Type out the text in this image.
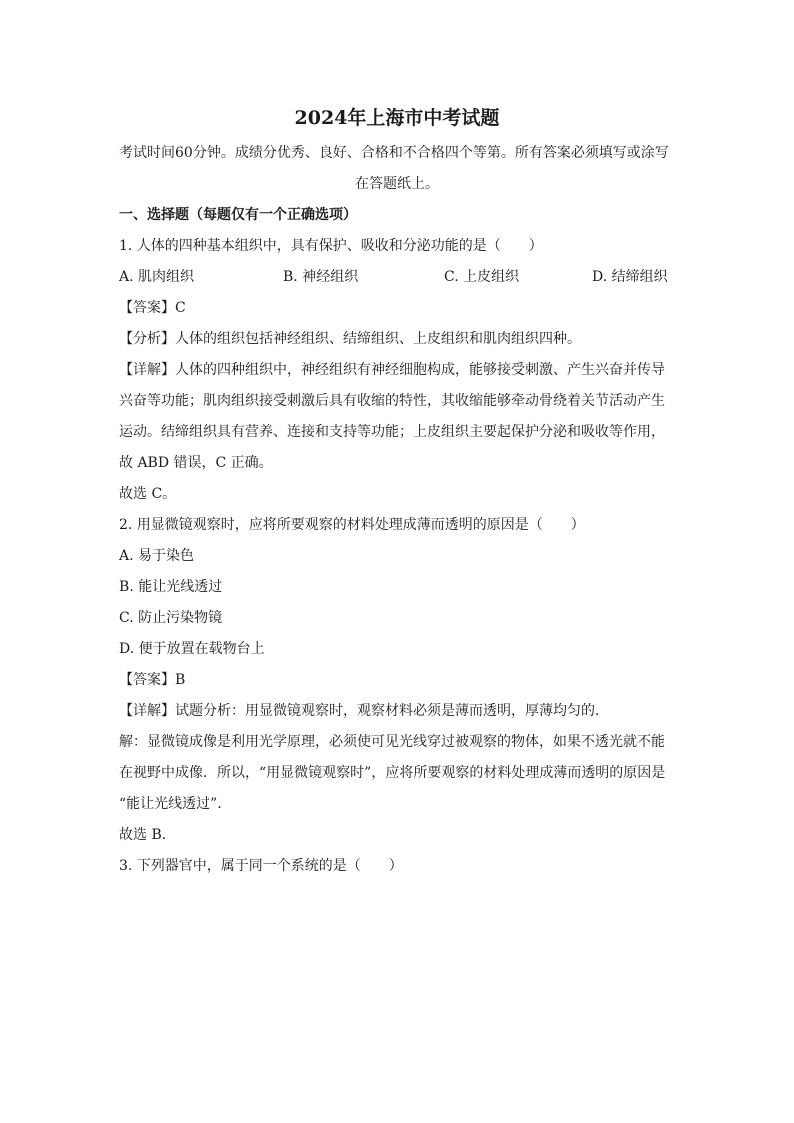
2024年上海市中考试题
考试时间60分钟。成绩分优秀、良好、合格和不合格四个等第。所有答案必须填写或涂写
在答题纸上。
一、选择题（每题仅有一个正确选项）
1. 人体的四种基本组织中，具有保护、吸收和分泌功能的是（　　）
A. 肌肉组织	B. 神经组织	C. 上皮组织	D. 结缔组织
【答案】C
【分析】人体的组织包括神经组织、结缔组织、上皮组织和肌肉组织四种。
【详解】人体的四种组织中，神经组织有神经细胞构成，能够接受刺激、产生兴奋并传导
兴奋等功能；肌肉组织接受刺激后具有收缩的特性，其收缩能够牵动骨绕着关节活动产生
运动。结缔组织具有营养、连接和支持等功能；上皮组织主要起保护分泌和吸收等作用，
故 ABD 错误，C 正确。
故选 C。
2. 用显微镜观察时，应将所要观察的材料处理成薄而透明的原因是（　　）
A. 易于染色
B. 能让光线透过
C. 防止污染物镜
D. 便于放置在载物台上
【答案】B
【详解】试题分析：用显微镜观察时，观察材料必须是薄而透明，厚薄均匀的．
解：显微镜成像是利用光学原理，必须使可见光线穿过被观察的物体，如果不透光就不能
在视野中成像．所以，“用显微镜观察时”，应将所要观察的材料处理成薄而透明的原因是
“能让光线透过”．
故选 B．
3. 下列器官中，属于同一个系统的是（　　）
